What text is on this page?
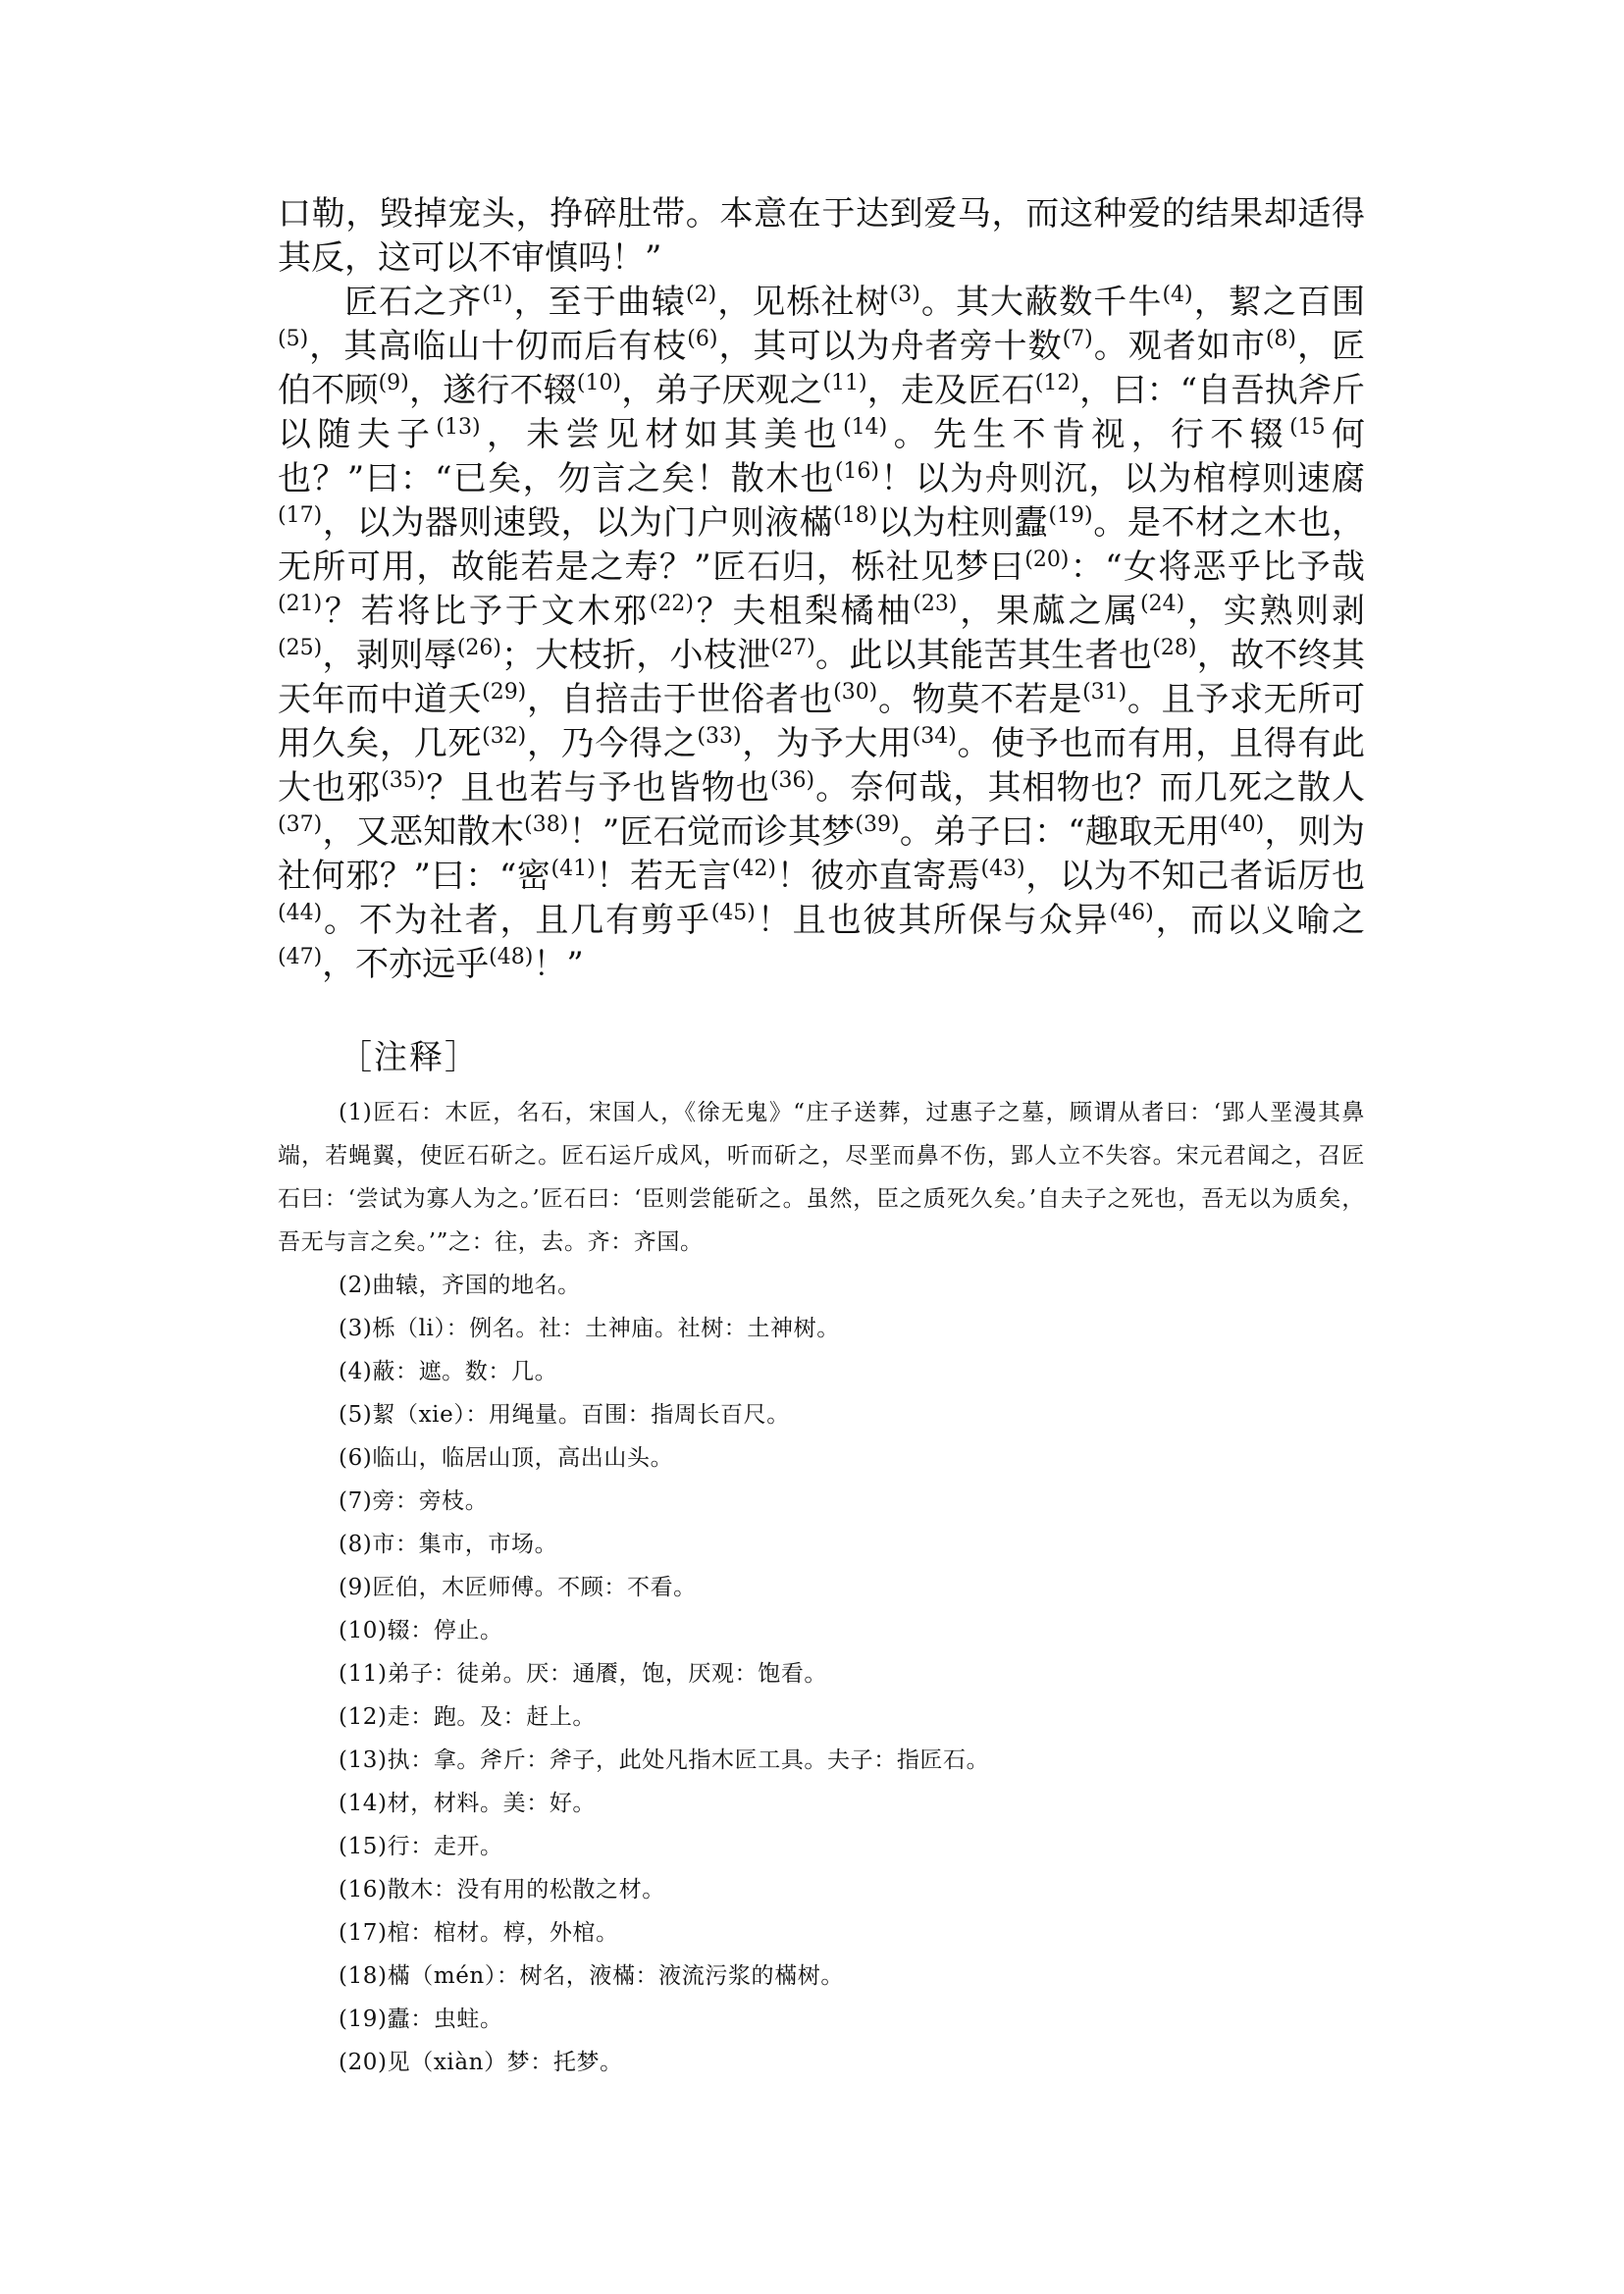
口勒，毁掉宠头，挣碎肚带。本意在于达到爱马，而这种爱的结果却适得其反，这可以不审慎吗！”

匠石之齐$^{(1)}$，至于曲辕$^{(2)}$，见栎社树$^{(3)}$。其大蔽数千牛$^{(4)}$，絜之百围$^{(5)}$，其高临山十仞而后有枝$^{(6)}$，其可以为舟者旁十数$^{(7)}$。观者如市$^{(8)}$，匠伯不顾$^{(9)}$，遂行不辍$^{(10)}$，弟子厌观之$^{(11)}$，走及匠石$^{(12)}$，曰：“自吾执斧斤以随夫子$^{(13)}$，未尝见材如其美也$^{(14)}$。先生不肯视，行不辍$^{(15}$何也？”曰：“已矣，勿言之矣！散木也$^{(16)}$！以为舟则沉，以为棺椁则速腐$^{(17)}$，以为器则速毁，以为门户则液樠$^{(18)}$以为柱则蠹$^{(19)}$。是不材之木也，无所可用，故能若是之寿？”匠石归，栎社见梦曰$^{(20)}$：“女将恶乎比予哉$^{(21)}$？若将比予于文木邪$^{(22)}$？夫柤梨橘柚$^{(23)}$，果蓏之属$^{(24)}$，实熟则剥$^{(25)}$，剥则辱$^{(26)}$；大枝折，小枝泄$^{(27)}$。此以其能苦其生者也$^{(28)}$，故不终其天年而中道夭$^{(29)}$，自掊击于世俗者也$^{(30)}$。物莫不若是$^{(31)}$。且予求无所可用久矣，几死$^{(32)}$，乃今得之$^{(33)}$，为予大用$^{(34)}$。使予也而有用，且得有此大也邪$^{(35)}$？且也若与予也皆物也$^{(36)}$。奈何哉，其相物也？而几死之散人$^{(37)}$，又恶知散木$^{(38)}$！”匠石觉而诊其梦$^{(39)}$。弟子曰：“趣取无用$^{(40)}$，则为社何邪？”曰：“密$^{(41)}$！若无言$^{(42)}$！彼亦直寄焉$^{(43)}$，以为不知己者诟厉也$^{(44)}$。不为社者，且几有剪乎$^{(45)}$！且也彼其所保与众异$^{(46)}$，而以义喻之$^{(47)}$，不亦远乎$^{(48)}$！”

［注释］

(1)匠石：木匠，名石，宋国人，《徐无鬼》“庄子送葬，过惠子之墓，顾谓从者曰：‘郢人垩漫其鼻端，若蝇翼，使匠石斫之。匠石运斤成风，听而斫之，尽垩而鼻不伤，郢人立不失容。宋元君闻之，召匠石曰：‘尝试为寡人为之。’匠石曰：‘臣则尝能斫之。虽然，臣之质死久矣。’自夫子之死也，吾无以为质矣，吾无与言之矣。’”之：往，去。齐：齐国。

(2)曲辕，齐国的地名。

(3)栎（li）：例名。社：土神庙。社树：土神树。

(4)蔽：遮。数：几。

(5)絜（xie）：用绳量。百围：指周长百尺。

(6)临山，临居山顶，高出山头。

(7)旁：旁枝。

(8)市：集市，市场。

(9)匠伯，木匠师傅。不顾：不看。

(10)辍：停止。

(11)弟子：徒弟。厌：通餍，饱，厌观：饱看。

(12)走：跑。及：赶上。

(13)执：拿。斧斤：斧子，此处凡指木匠工具。夫子：指匠石。

(14)材，材料。美：好。

(15)行：走开。

(16)散木：没有用的松散之材。

(17)棺：棺材。椁，外棺。

(18)樠（mén）：树名，液樠：液流污浆的樠树。

(19)蠹：虫蛀。

(20)见（xiàn）梦：托梦。
